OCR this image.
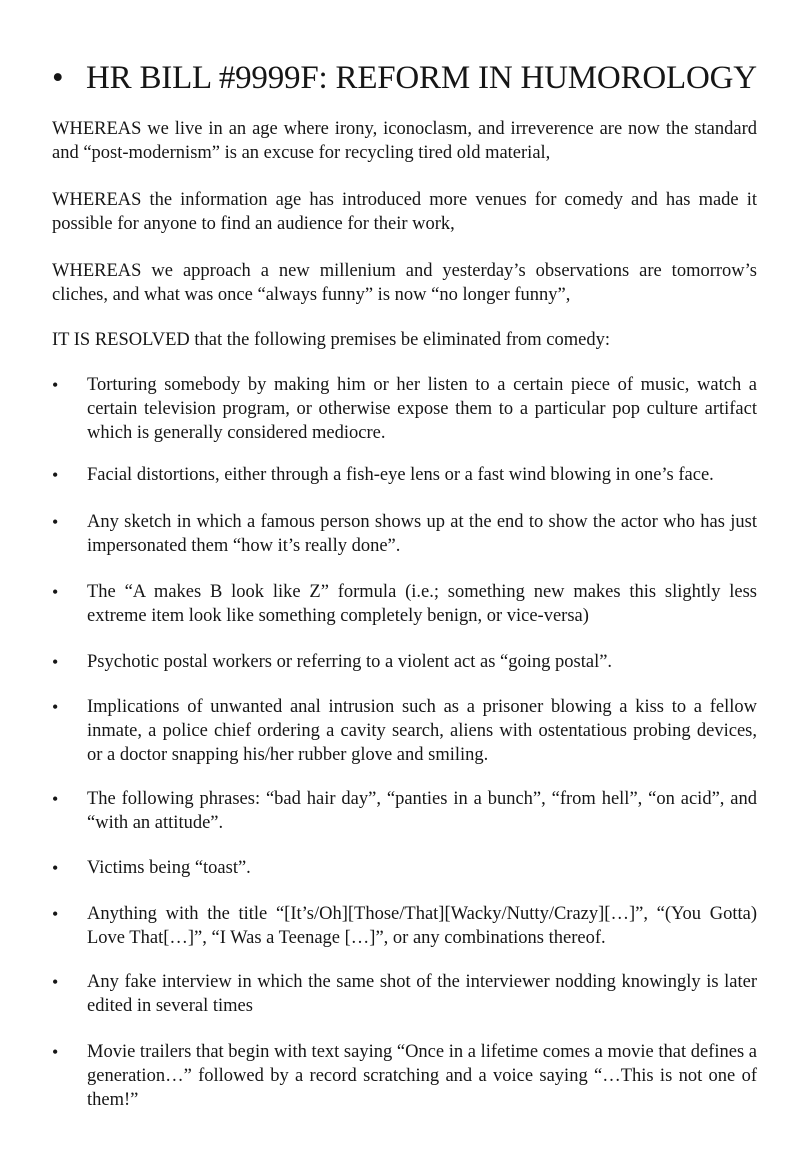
• HR BILL #9999F: REFORM IN HUMOROLOGY

WHEREAS we live in an age where irony, iconoclasm, and irreverence are now the standard and “post-modernism” is an excuse for recycling tired old material,

WHEREAS the information age has introduced more venues for comedy and has made it possible for anyone to find an audience for their work,

WHEREAS we approach a new millenium and yesterday’s observations are tomorrow’s cliches, and what was once “always funny” is now “no longer funny”,

IT IS RESOLVED that the following premises be eliminated from comedy:

•	Torturing somebody by making him or her listen to a certain piece of music, watch a certain television program, or otherwise expose them to a particular pop culture artifact which is generally considered mediocre.

•	Facial distortions, either through a fish-eye lens or a fast wind blowing in one’s face.

•	Any sketch in which a famous person shows up at the end to show the actor who has just impersonated them “how it’s really done”.

•	The “A makes B look like Z” formula (i.e.; something new makes this slightly less extreme item look like something completely benign, or vice-versa)

•	Psychotic postal workers or referring to a violent act as “going postal”.

•	Implications of unwanted anal intrusion such as a prisoner blowing a kiss to a fellow inmate, a police chief ordering a cavity search, aliens with ostentatious probing devices, or a doctor snapping his/her rubber glove and smiling.

•	The following phrases: “bad hair day”, “panties in a bunch”, “from hell”, “on acid”, and “with an attitude”.

•	Victims being “toast”.

•	Anything with the title “[It’s/Oh][Those/That][Wacky/Nutty/Crazy][…]”, “(You Gotta) Love That[…]”, “I Was a Teenage […]”, or any combinations thereof.

•	Any fake interview in which the same shot of the interviewer nodding knowingly is later edited in several times

•	Movie trailers that begin with text saying “Once in a lifetime comes a movie that defines a generation…” followed by a record scratching and a voice saying “…This is not one of them!”
